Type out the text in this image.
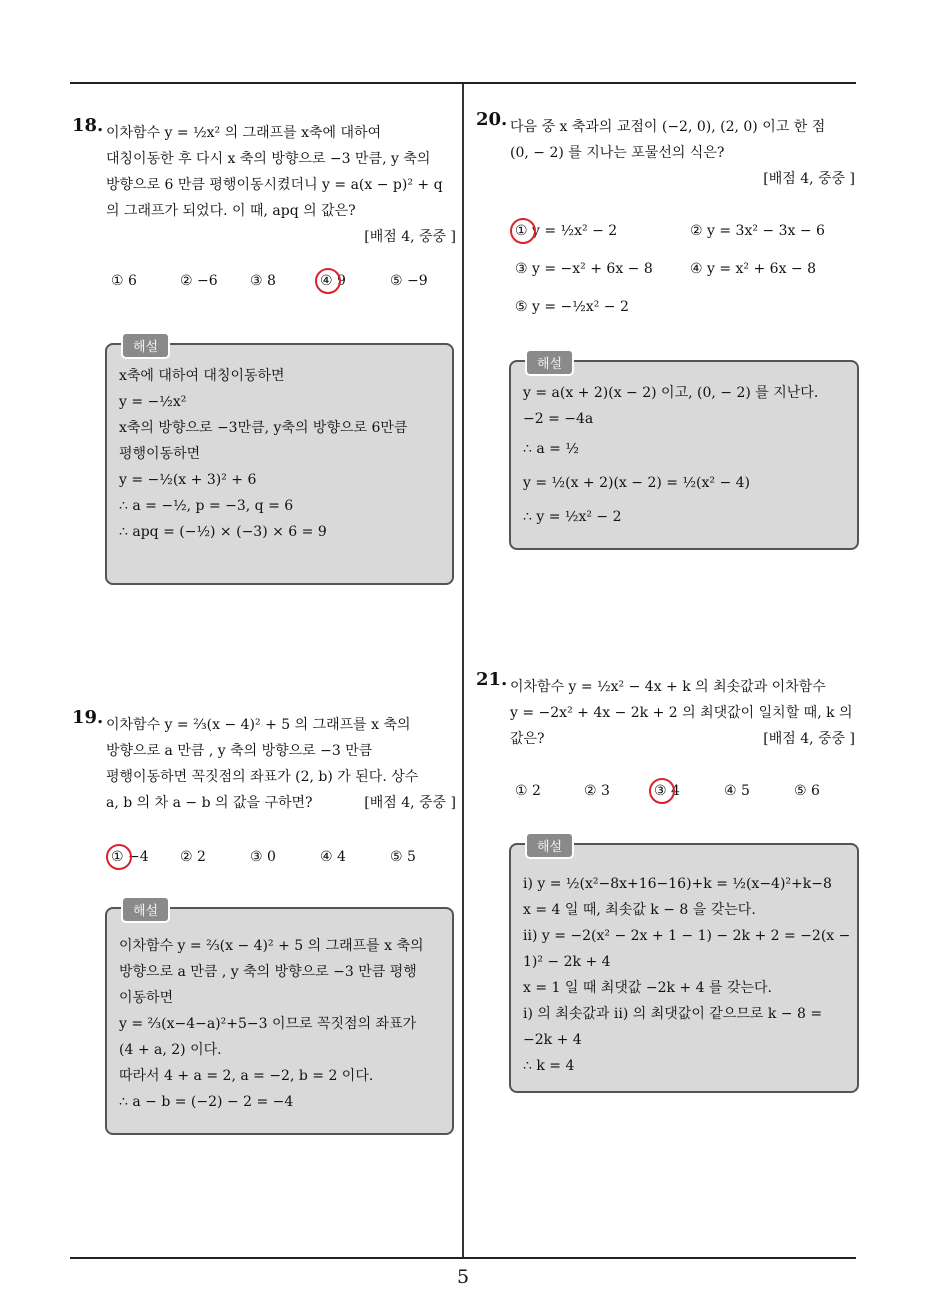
5
18. 이차함수 y = ½x² 의 그래프를 x축에 대하여
대칭이동한 후 다시 x 축의 방향으로 −3 만큼, y 축의
방향으로 6 만큼 평행이동시켰더니 y = a(x − p)² + q
의 그래프가 되었다. 이 때, apq 의 값은?
[배점 4, 중중 ]
① 6	② −6 ③ 8	④ 9	⑤ −9
해설
x축에 대하여 대칭이동하면
y = −½x²
x축의 방향으로 −3만큼, y축의 방향으로 6만큼
평행이동하면
y = −½(x + 3)² + 6
∴ a = −½, p = −3, q = 6
∴ apq = (−½) × (−3) × 6 = 9
19. 이차함수 y = ⅔(x − 4)² + 5 의 그래프를 x 축의
방향으로 a 만큼 , y 축의 방향으로 −3 만큼
평행이동하면 꼭짓점의 좌표가 (2, b) 가 된다. 상수
a, b 의 차 a − b 의 값을 구하면?	[배점 4, 중중 ]
① −4 ② 2	③ 0	④ 4	⑤ 5
해설
이차함수 y = ⅔(x − 4)² + 5 의 그래프를 x 축의
방향으로 a 만큼 , y 축의 방향으로 −3 만큼 평행
이동하면
y = ⅔(x−4−a)²+5−3 이므로 꼭짓점의 좌표가
(4 + a, 2) 이다.
따라서 4 + a = 2, a = −2, b = 2 이다.
∴ a − b = (−2) − 2 = −4
20. 다음 중 x 축과의 교점이 (−2, 0), (2, 0) 이고 한 점
(0, − 2) 를 지나는 포물선의 식은?
[배점 4, 중중 ]
① y = ½x² − 2	② y = 3x² − 3x − 6
③ y = −x² + 6x − 8	④ y = x² + 6x − 8
⑤ y = −½x² − 2
해설
y = a(x + 2)(x − 2) 이고, (0, − 2) 를 지난다.
−2 = −4a
∴ a = ½
y = ½(x + 2)(x − 2) = ½(x² − 4)
∴ y = ½x² − 2
21. 이차함수 y = ½x² − 4x + k 의 최솟값과 이차함수
y = −2x² + 4x − 2k + 2 의 최댓값이 일치할 때, k 의
값은?	[배점 4, 중중 ]
① 2	② 3	③ 4	④ 5	⑤ 6
해설
i) y = ½(x²−8x+16−16)+k = ½(x−4)²+k−8
x = 4 일 때, 최솟값 k − 8 을 갖는다.
ii) y = −2(x² − 2x + 1 − 1) − 2k + 2 = −2(x −
1)² − 2k + 4
x = 1 일 때 최댓값 −2k + 4 를 갖는다.
i) 의 최솟값과 ii) 의 최댓값이 같으므로 k − 8 =
−2k + 4
∴ k = 4
